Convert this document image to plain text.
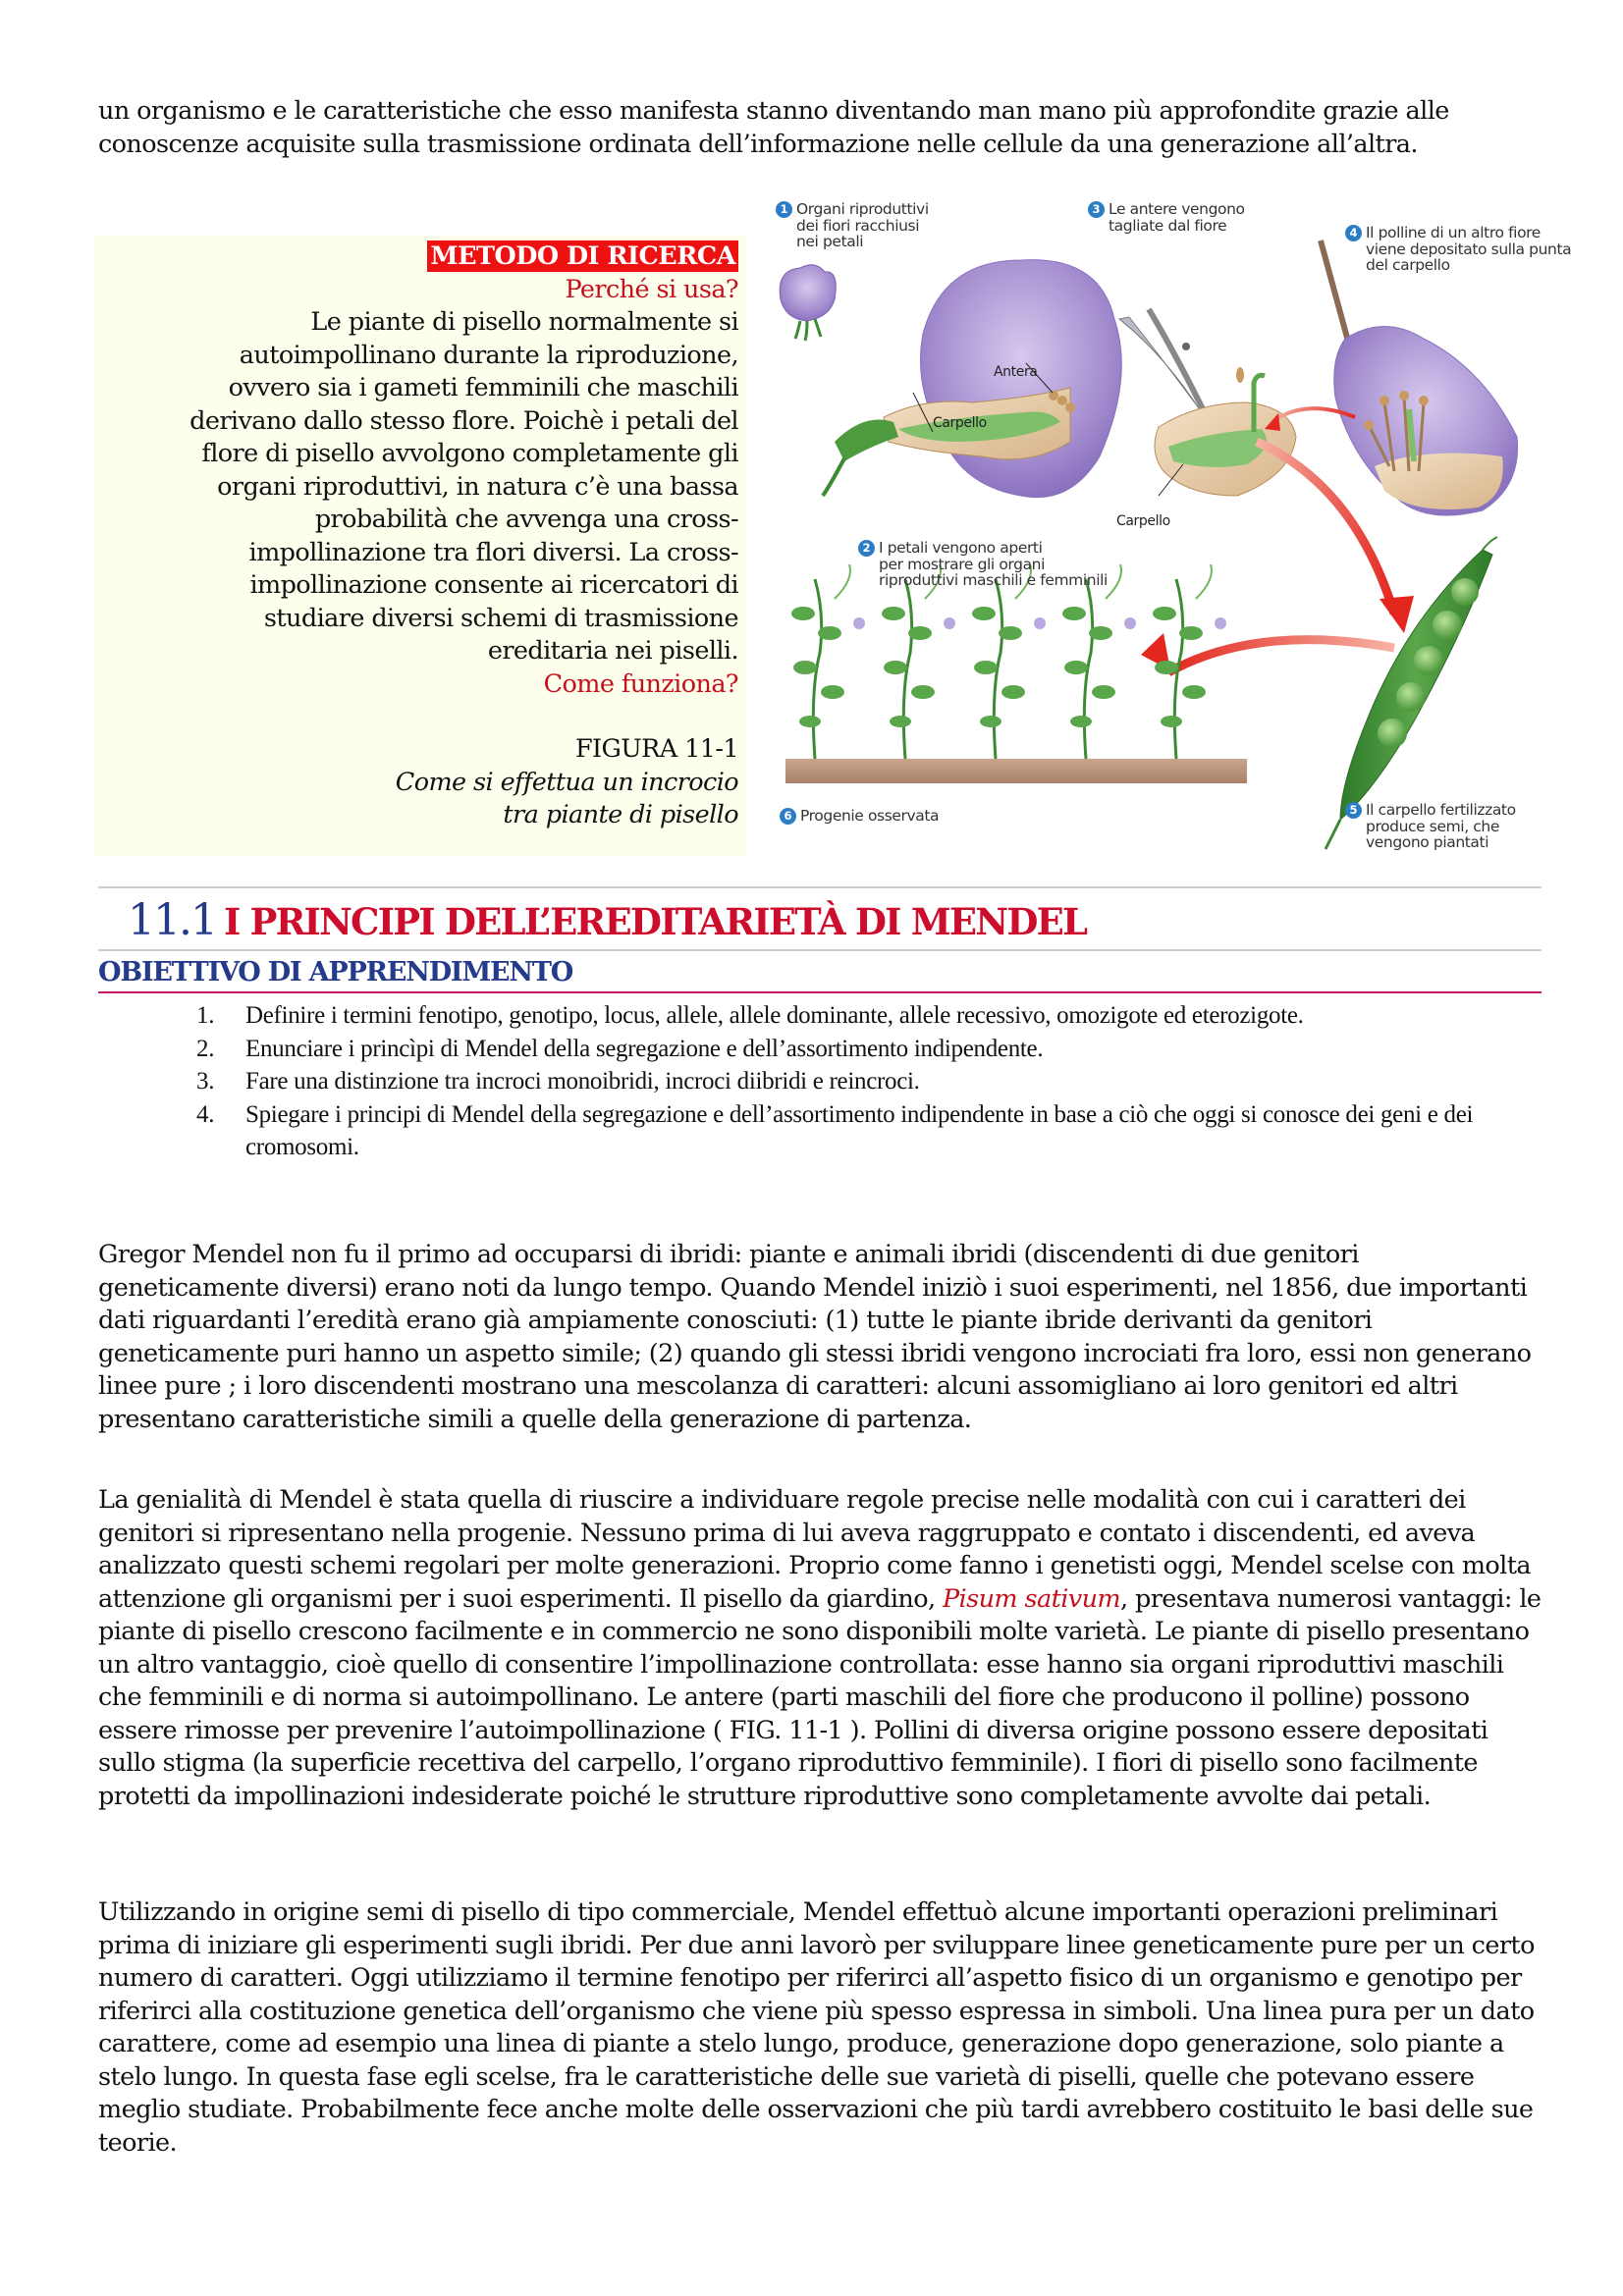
un organismo e le caratteristiche che esso manifesta stanno diventando man mano più approfondite grazie alle conoscenze acquisite sulla trasmissione ordinata dell’informazione nelle cellule da una generazione all’altra.

METODO DI RICERCA
Perché si usa?
Le piante di pisello normalmente si
autoimpollinano durante la riproduzione,
ovvero sia i gameti femminili che maschili
derivano dallo stesso flore. Poichè i petali del
flore di pisello avvolgono completamente gli
organi riproduttivi, in natura c’è una bassa
probabilità che avvenga una cross-
impollinazione tra flori diversi. La cross-
impollinazione consente ai ricercatori di
studiare diversi schemi di trasmissione
ereditaria nei piselli.
Come funziona?
FIGURA 11-1
Come si effettua un incrocio
tra piante di pisello
1 Organi riproduttivi
dei fiori racchiusi
nei petali
2 I petali vengono aperti
per mostrare gli organi
riproduttivi maschili e femminili
3 Le antere vengono
tagliate dal fiore	4 Il polline di un altro fiore
viene depositato sulla punta
del carpello
5 Il carpello fertilizzato
produce semi, che
vengono piantati
6 Progenie osservata
Antera
Carpello
Carpello
11.1 I PRINCIPI DELL’EREDITARIETÀ DI MENDEL
OBIETTIVO DI APPRENDIMENTO
1. Definire i termini fenotipo, genotipo, locus, allele, allele dominante, allele recessivo, omozigote ed eterozigote.
2. Enunciare i princìpi di Mendel della segregazione e dell’assortimento indipendente.
3. Fare una distinzione tra incroci monoibridi, incroci diibridi e reincroci.
4. Spiegare i principi di Mendel della segregazione e dell’assortimento indipendente in base a ciò che oggi si conosce dei geni e dei cromosomi.

Gregor Mendel non fu il primo ad occuparsi di ibridi: piante e animali ibridi (discendenti di due genitori geneticamente diversi) erano noti da lungo tempo. Quando Mendel iniziò i suoi esperimenti, nel 1856, due importanti dati riguardanti l’eredità erano già ampiamente conosciuti: (1) tutte le piante ibride derivanti da genitori geneticamente puri hanno un aspetto simile; (2) quando gli stessi ibridi vengono incrociati fra loro, essi non generano linee pure ; i loro discendenti mostrano una mescolanza di caratteri: alcuni assomigliano ai loro genitori ed altri presentano caratteristiche simili a quelle della generazione di partenza.

La genialità di Mendel è stata quella di riuscire a individuare regole precise nelle modalità con cui i caratteri dei genitori si ripresentano nella progenie. Nessuno prima di lui aveva raggruppato e contato i discendenti, ed aveva analizzato questi schemi regolari per molte generazioni. Proprio come fanno i genetisti oggi, Mendel scelse con molta attenzione gli organismi per i suoi esperimenti. Il pisello da giardino, Pisum sativum, presentava numerosi vantaggi: le piante di pisello crescono facilmente e in commercio ne sono disponibili molte varietà. Le piante di pisello presentano un altro vantaggio, cioè quello di consentire l’impollinazione controllata: esse hanno sia organi riproduttivi maschili che femminili e di norma si autoimpollinano. Le antere (parti maschili del fiore che producono il polline) possono essere rimosse per prevenire l’autoimpollinazione ( FIG. 11-1 ). Pollini di diversa origine possono essere depositati sullo stigma (la superficie recettiva del carpello, l’organo riproduttivo femminile). I fiori di pisello sono facilmente protetti da impollinazioni indesiderate poiché le strutture riproduttive sono completamente avvolte dai petali.

Utilizzando in origine semi di pisello di tipo commerciale, Mendel effettuò alcune importanti operazioni preliminari prima di iniziare gli esperimenti sugli ibridi. Per due anni lavorò per sviluppare linee geneticamente pure per un certo numero di caratteri. Oggi utilizziamo il termine fenotipo per riferirci all’aspetto fisico di un organismo e genotipo per riferirci alla costituzione genetica dell’organismo che viene più spesso espressa in simboli. Una linea pura per un dato carattere, come ad esempio una linea di piante a stelo lungo, produce, generazione dopo generazione, solo piante a stelo lungo. In questa fase egli scelse, fra le caratteristiche delle sue varietà di piselli, quelle che potevano essere meglio studiate. Probabilmente fece anche molte delle osservazioni che più tardi avrebbero costituito le basi delle sue teorie.
